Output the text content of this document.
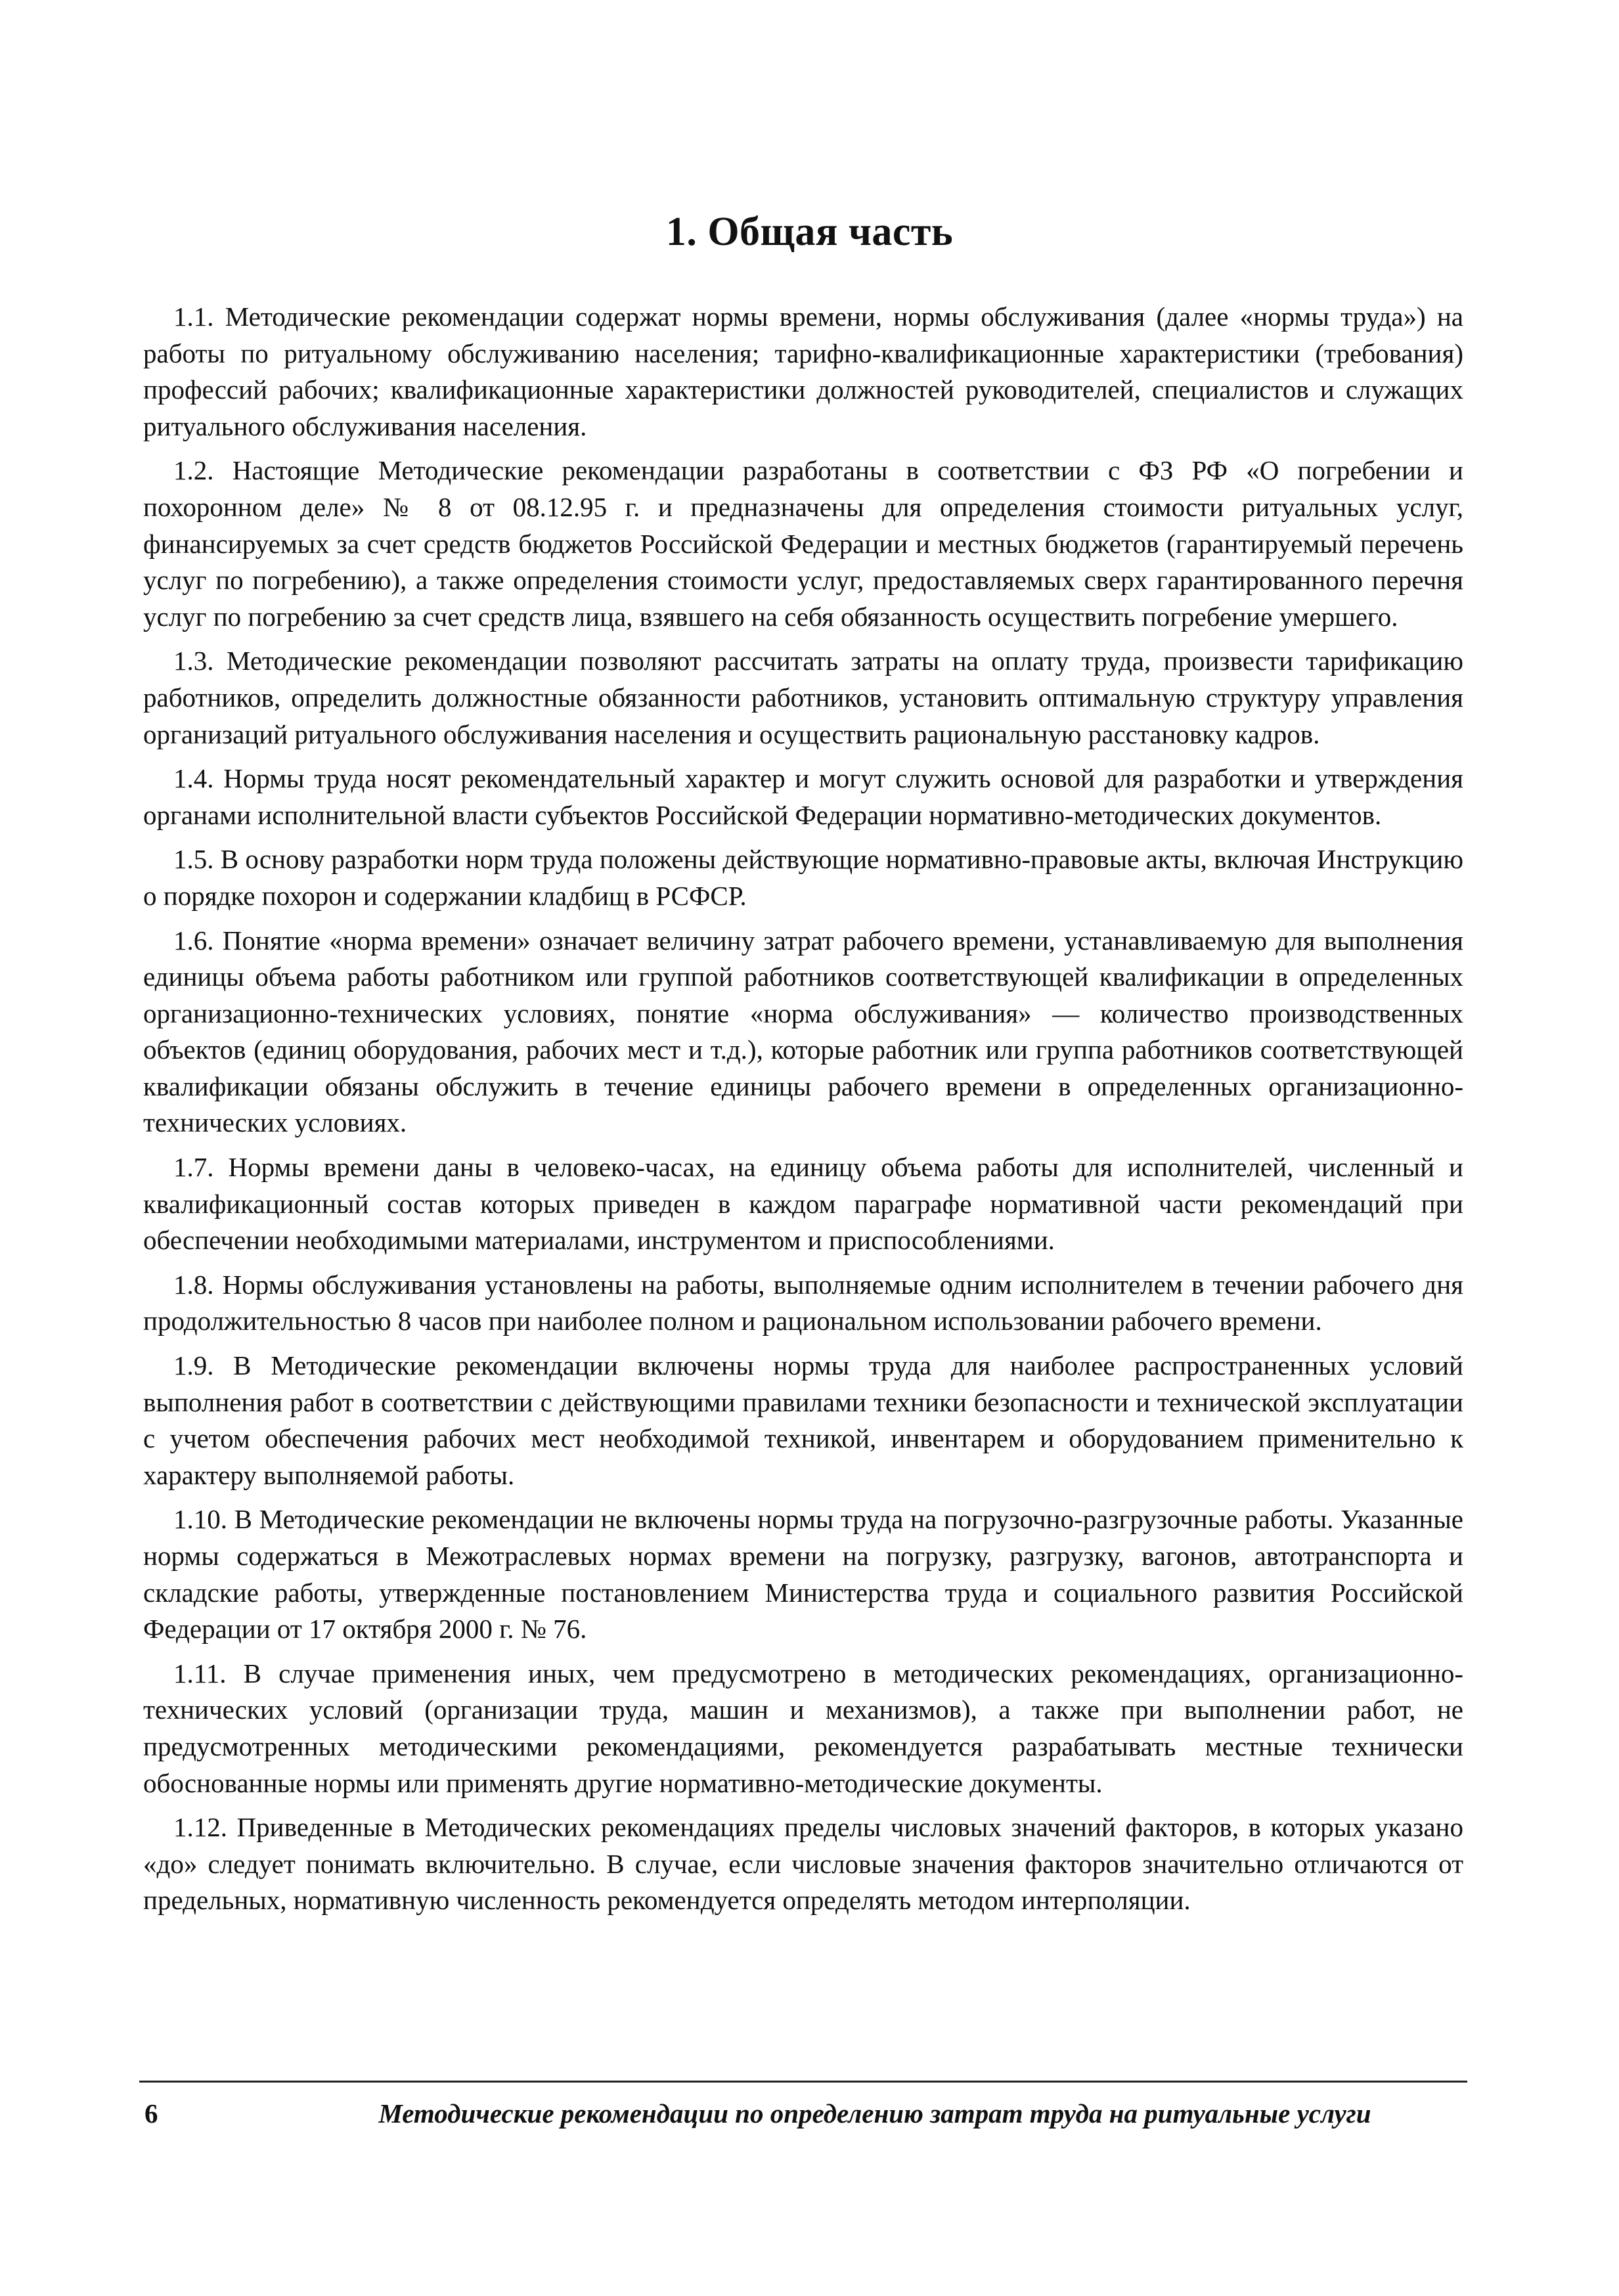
1. Общая часть

1.1. Методические рекомендации содержат нормы времени, нормы обслуживания (далее «нормы труда») на работы по ритуальному обслуживанию населения; тарифно-квалификационные характеристики (требования) профессий рабочих; квалификационные характеристики должностей руководителей, специалистов и служащих ритуального обслуживания населения.

1.2. Настоящие Методические рекомендации разработаны в соответствии с ФЗ РФ «О погребении и похоронном деле» № 8 от 08.12.95 г. и предназначены для определения стоимости ритуальных услуг, финансируемых за счет средств бюджетов Российской Федерации и местных бюджетов (гарантируемый перечень услуг по погребению), а также определения стоимости услуг, предоставляемых сверх гарантированного перечня услуг по погребению за счет средств лица, взявшего на себя обязанность осуществить погребение умершего.

1.3. Методические рекомендации позволяют рассчитать затраты на оплату труда, произвести тарификацию работников, определить должностные обязанности работников, установить оптимальную структуру управления организаций ритуального обслуживания населения и осуществить рациональную расстановку кадров.

1.4. Нормы труда носят рекомендательный характер и могут служить основой для разработки и утверждения органами исполнительной власти субъектов Российской Федерации нормативно-методических документов.

1.5. В основу разработки норм труда положены действующие нормативно-правовые акты, включая Инструкцию о порядке похорон и содержании кладбищ в РСФСР.

1.6. Понятие «норма времени» означает величину затрат рабочего времени, устанавливаемую для выполнения единицы объема работы работником или группой работников соответствующей квалификации в определенных организационно-технических условиях, понятие «норма обслуживания» — количество производственных объектов (единиц оборудования, рабочих мест и т.д.), которые работник или группа работников соответствующей квалификации обязаны обслужить в течение единицы рабочего времени в определенных организационно-технических условиях.

1.7. Нормы времени даны в человеко-часах, на единицу объема работы для исполнителей, численный и квалификационный состав которых приведен в каждом параграфе нормативной части рекомендаций при обеспечении необходимыми материалами, инструментом и приспособлениями.

1.8. Нормы обслуживания установлены на работы, выполняемые одним исполнителем в течении рабочего дня продолжительностью 8 часов при наиболее полном и рациональном использовании рабочего времени.

1.9. В Методические рекомендации включены нормы труда для наиболее распространенных условий выполнения работ в соответствии с действующими правилами техники безопасности и технической эксплуатации с учетом обеспечения рабочих мест необходимой техникой, инвентарем и оборудованием применительно к характеру выполняемой работы.

1.10. В Методические рекомендации не включены нормы труда на погрузочно-разгрузочные работы. Указанные нормы содержаться в Межотраслевых нормах времени на погрузку, разгрузку, вагонов, автотранспорта и складские работы, утвержденные постановлением Министерства труда и социального развития Российской Федерации от 17 октября 2000 г. № 76.

1.11. В случае применения иных, чем предусмотрено в методических рекомендациях, организационно-технических условий (организации труда, машин и механизмов), а также при выполнении работ, не предусмотренных методическими рекомендациями, рекомендуется разрабатывать местные технически обоснованные нормы или применять другие нормативно-методические документы.

1.12. Приведенные в Методических рекомендациях пределы числовых значений факторов, в которых указано «до» следует понимать включительно. В случае, если числовые значения факторов значительно отличаются от предельных, нормативную численность рекомендуется определять методом интерполяции.

6	Методические рекомендации по определению затрат труда на ритуальные услуги
